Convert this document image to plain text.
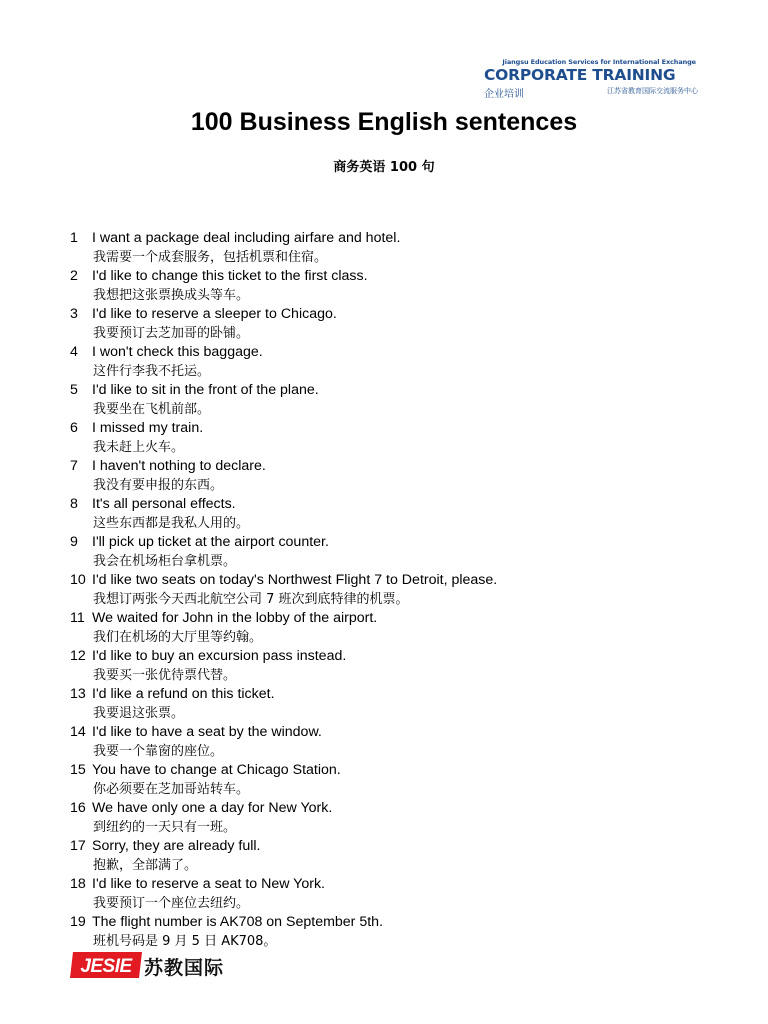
Jiangsu Education Services for International Exchange
CORPORATE TRAINING
企业培训	江苏省教育国际交流服务中心
100 Business English sentences
商务英语 100 句
1 I want a package deal including airfare and hotel.
我需要一个成套服务，包括机票和住宿。
2 I'd like to change this ticket to the first class.
我想把这张票换成头等车。
3 I'd like to reserve a sleeper to Chicago.
我要预订去芝加哥的卧铺。
4 I won't check this baggage.
这件行李我不托运。
5 I'd like to sit in the front of the plane.
我要坐在飞机前部。
6 I missed my train.
我未赶上火车。
7 I haven't nothing to declare.
我没有要申报的东西。
8 It's all personal effects.
这些东西都是我私人用的。
9 I'll pick up ticket at the airport counter.
我会在机场柜台拿机票。
10 I'd like two seats on today's Northwest Flight 7 to Detroit, please.
我想订两张今天西北航空公司 7 班次到底特律的机票。
11 We waited for John in the lobby of the airport.
我们在机场的大厅里等约翰。
12 I'd like to buy an excursion pass instead.
我要买一张优待票代替。
13 I'd like a refund on this ticket.
我要退这张票。
14 I'd like to have a seat by the window.
我要一个靠窗的座位。
15 You have to change at Chicago Station.
你必须要在芝加哥站转车。
16 We have only one a day for New York.
到纽约的一天只有一班。
17 Sorry, they are already full.
抱歉，全部满了。
18 I'd like to reserve a seat to New York.
我要预订一个座位去纽约。
19 The flight number is AK708 on September 5th.
班机号码是 9 月 5 日 AK708。
JESIE 苏教国际
